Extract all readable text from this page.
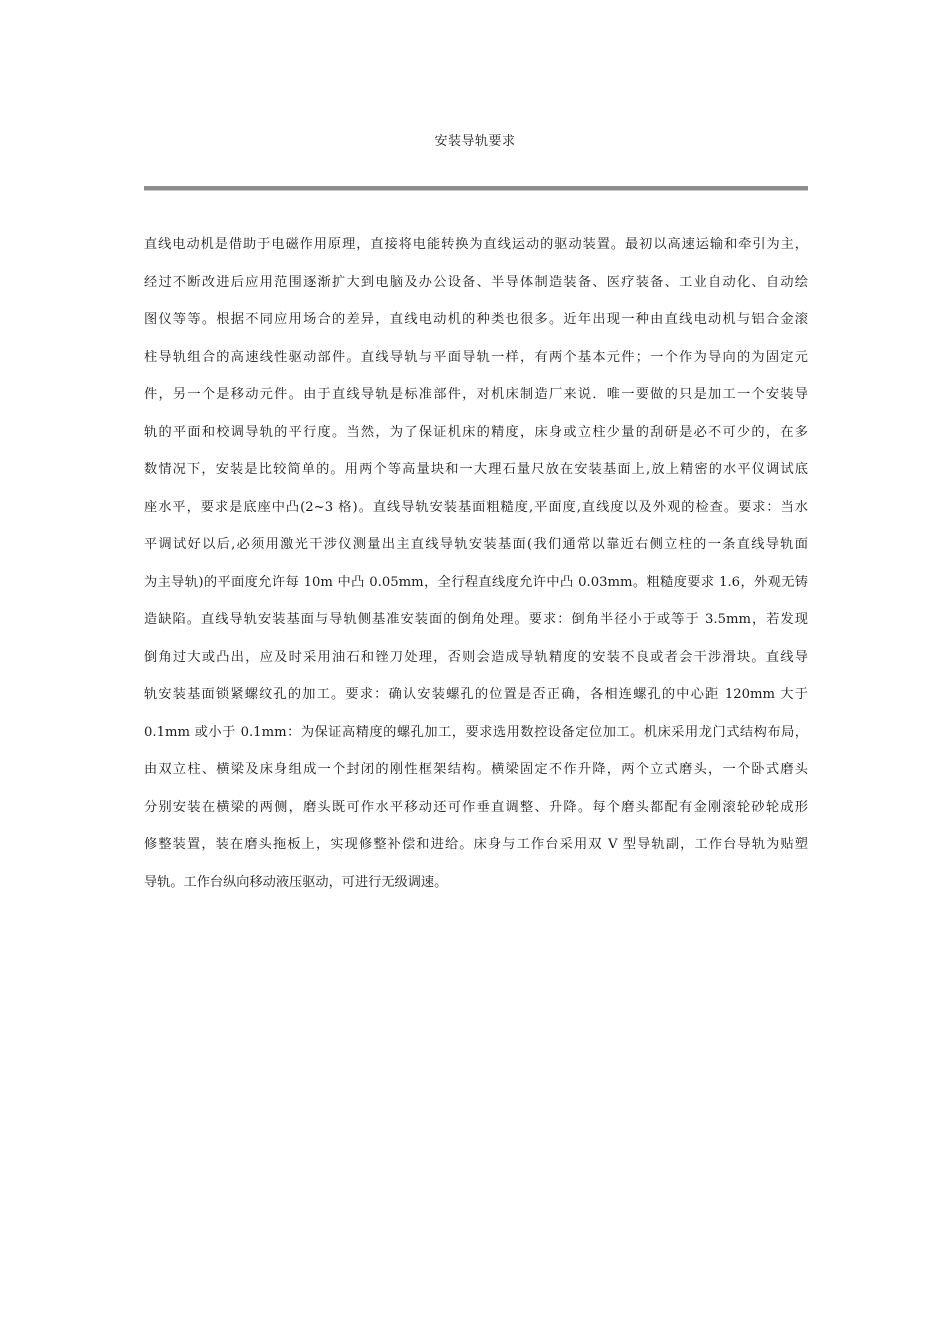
安装导轨要求
直线电动机是借助于电磁作用原理，直接将电能转换为直线运动的驱动装置。最初以高速运输和牵引为主，
经过不断改进后应用范围逐渐扩大到电脑及办公设备、半导体制造装备、医疗装备、工业自动化、自动绘
图仪等等。根据不同应用场合的差异，直线电动机的种类也很多。近年出现一种由直线电动机与铝合金滚
柱导轨组合的高速线性驱动部件。直线导轨与平面导轨一样，有两个基本元件；一个作为导向的为固定元
件，另一个是移动元件。由于直线导轨是标准部件，对机床制造厂来说．唯一要做的只是加工一个安装导
轨的平面和校调导轨的平行度。当然，为了保证机床的精度，床身或立柱少量的刮研是必不可少的，在多
数情况下，安装是比较简单的。用两个等高量块和一大理石量尺放在安装基面上,放上精密的水平仪调试底
座水平，要求是底座中凸(2~3 格)。直线导轨安装基面粗糙度,平面度,直线度以及外观的检查。要求：当水
平调试好以后,必须用激光干涉仪测量出主直线导轨安装基面(我们通常以靠近右侧立柱的一条直线导轨面
为主导轨)的平面度允许每 10m 中凸 0.05mm，全行程直线度允许中凸 0.03mm。粗糙度要求 1.6，外观无铸
造缺陷。直线导轨安装基面与导轨侧基准安装面的倒角处理。要求：倒角半径小于或等于 3.5mm，若发现
倒角过大或凸出，应及时采用油石和锉刀处理，否则会造成导轨精度的安装不良或者会干涉滑块。直线导
轨安装基面锁紧螺纹孔的加工。要求：确认安装螺孔的位置是否正确，各相连螺孔的中心距 120mm 大于
0.1mm 或小于 0.1mm：为保证高精度的螺孔加工，要求选用数控设备定位加工。机床采用龙门式结构布局，
由双立柱、横梁及床身组成一个封闭的刚性框架结构。横梁固定不作升降，两个立式磨头，一个卧式磨头
分别安装在横梁的两侧，磨头既可作水平移动还可作垂直调整、升降。每个磨头都配有金刚滚轮砂轮成形
修整装置，装在磨头拖板上，实现修整补偿和进给。床身与工作台采用双 V 型导轨副，工作台导轨为贴塑
导轨。工作台纵向移动液压驱动，可进行无级调速。
